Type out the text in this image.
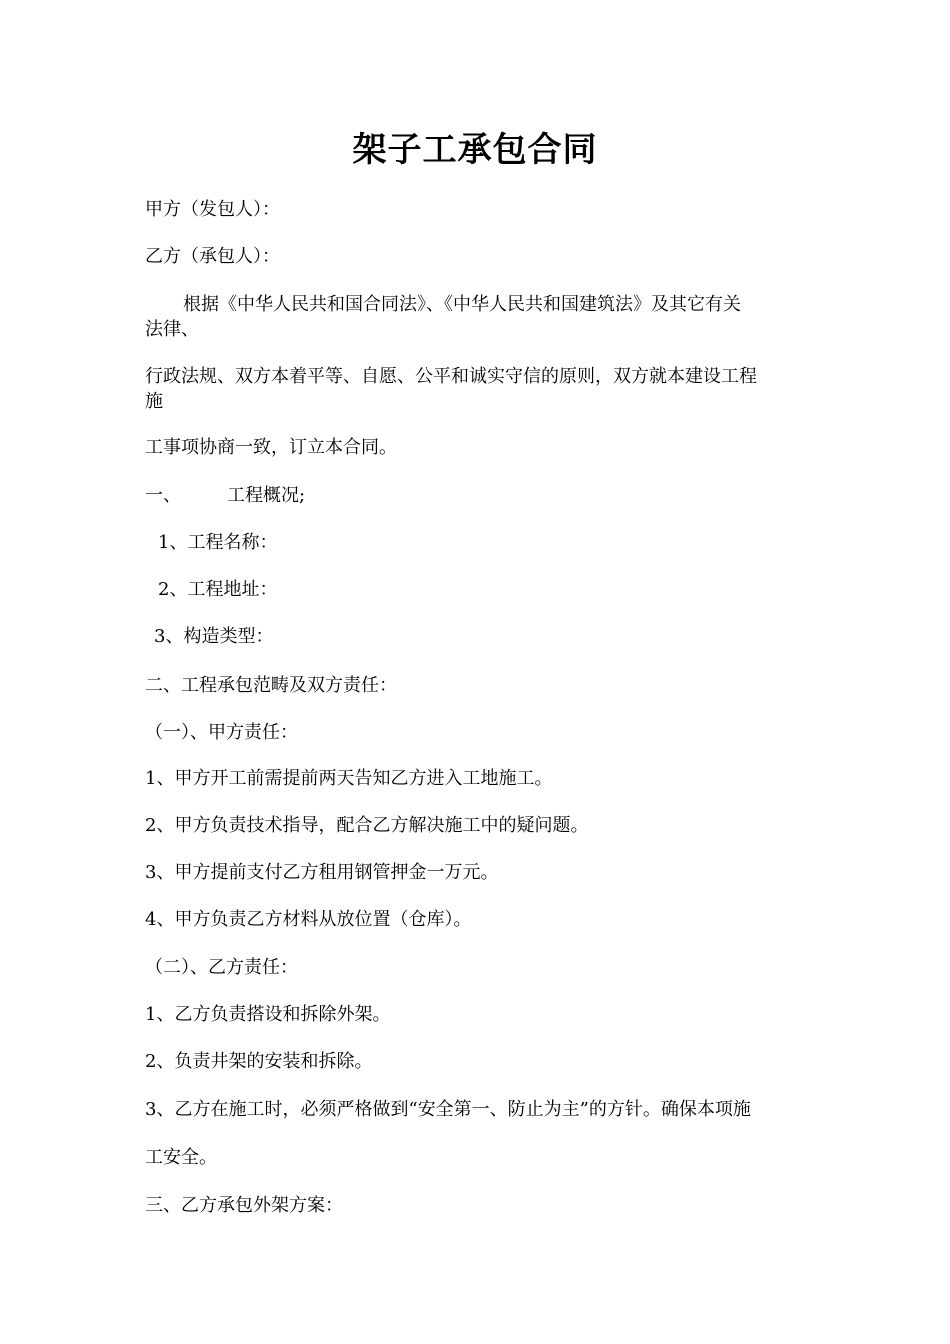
架子工承包合同
甲方（发包人）：
乙方（承包人）：
根据《中华人民共和国合同法》、《中华人民共和国建筑法》及其它有关
法律、
行政法规、双方本着平等、自愿、公平和诚实守信的原则，双方就本建设工程
施
工事项协商一致，订立本合同。
一、	工程概况;
1、工程名称：
2、工程地址：
3、构造类型：
二、工程承包范畴及双方责任：
（一）、甲方责任：
1、甲方开工前需提前两天告知乙方进入工地施工。
2、甲方负责技术指导，配合乙方解决施工中的疑问题。
3、甲方提前支付乙方租用钢管押金一万元。
4、甲方负责乙方材料从放位置（仓库）。
（二）、乙方责任：
1、乙方负责搭设和拆除外架。
2、负责井架的安装和拆除。
3、乙方在施工时，必须严格做到“安全第一、防止为主”的方针。确保本项施
工安全。
三、乙方承包外架方案：
